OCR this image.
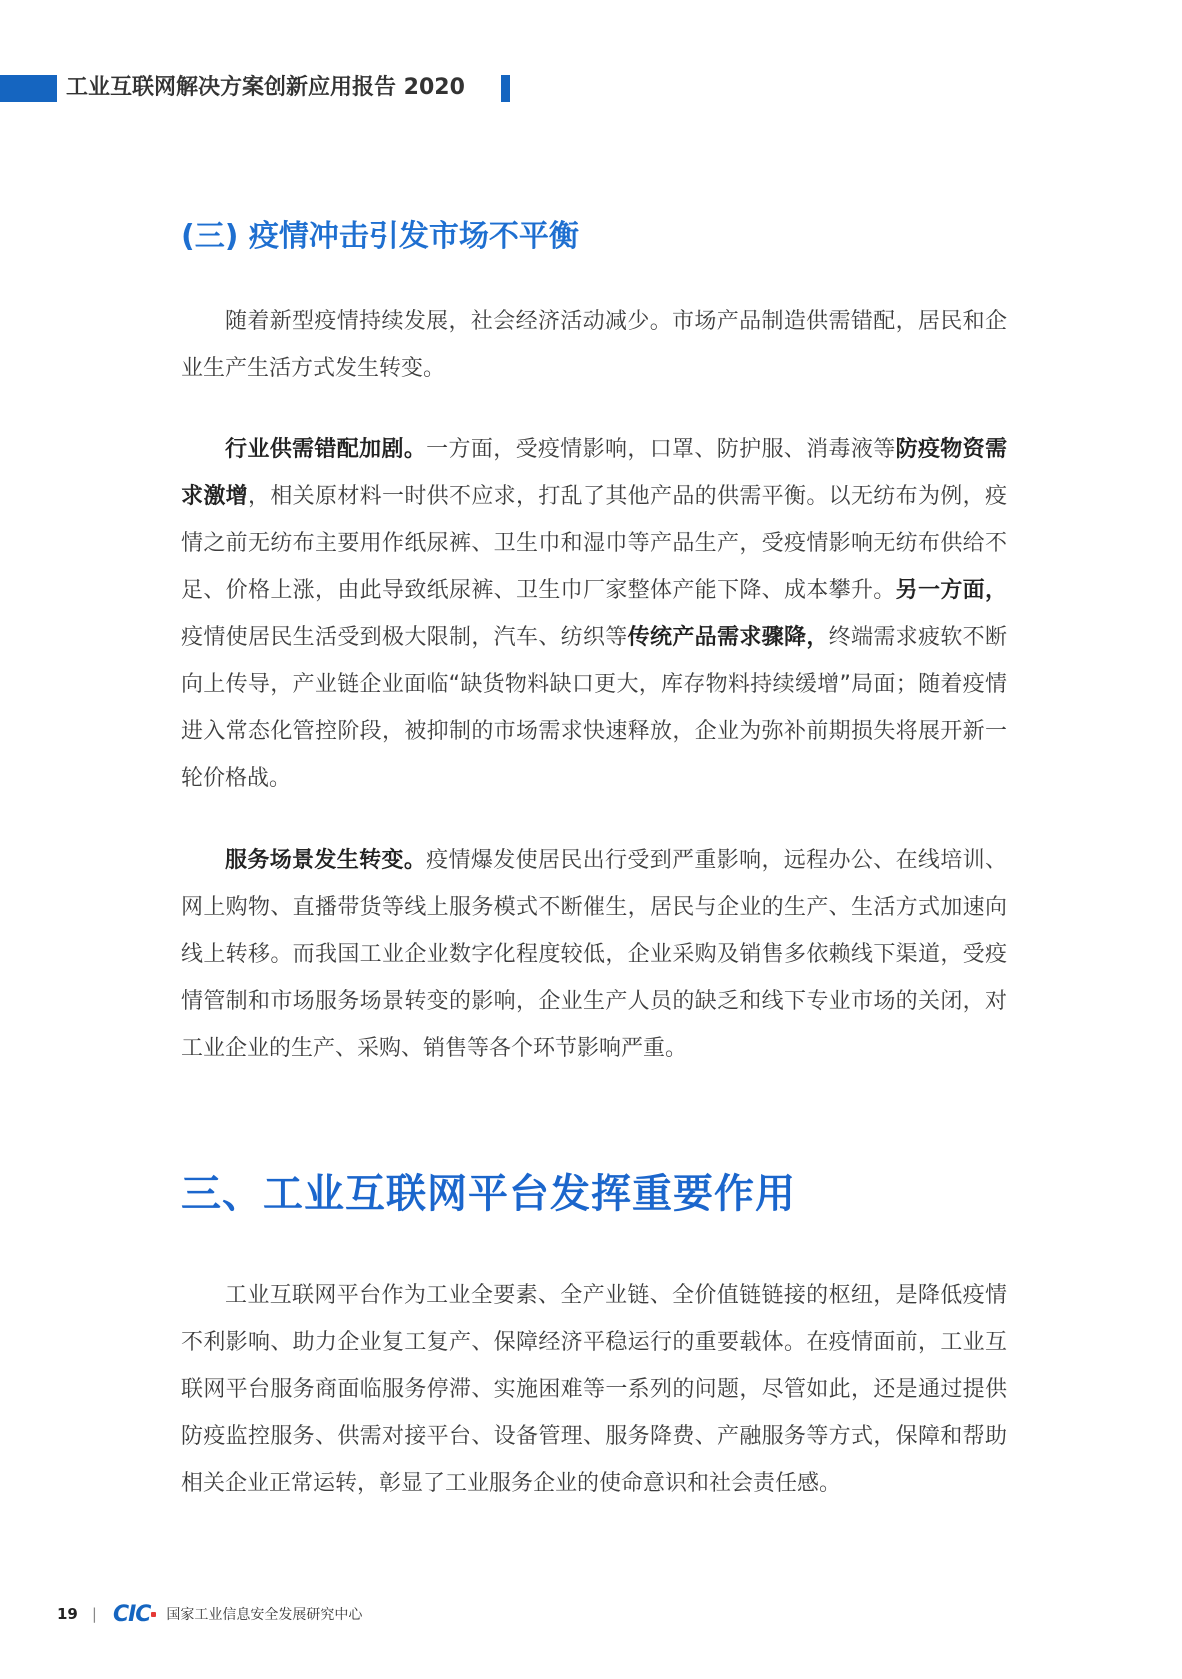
工业互联网解决方案创新应用报告 2020
(三) 疫情冲击引发市场不平衡

随着新型疫情持续发展，社会经济活动减少。市场产品制造供需错配，居民和企业生产生活方式发生转变。

行业供需错配加剧。一方面，受疫情影响，口罩、防护服、消毒液等防疫物资需求激增，相关原材料一时供不应求，打乱了其他产品的供需平衡。以无纺布为例，疫情之前无纺布主要用作纸尿裤、卫生巾和湿巾等产品生产，受疫情影响无纺布供给不足、价格上涨，由此导致纸尿裤、卫生巾厂家整体产能下降、成本攀升。另一方面，疫情使居民生活受到极大限制，汽车、纺织等传统产品需求骤降，终端需求疲软不断向上传导，产业链企业面临“缺货物料缺口更大，库存物料持续缓增”局面；随着疫情进入常态化管控阶段，被抑制的市场需求快速释放，企业为弥补前期损失将展开新一轮价格战。

服务场景发生转变。疫情爆发使居民出行受到严重影响，远程办公、在线培训、网上购物、直播带货等线上服务模式不断催生，居民与企业的生产、生活方式加速向线上转移。而我国工业企业数字化程度较低，企业采购及销售多依赖线下渠道，受疫情管制和市场服务场景转变的影响，企业生产人员的缺乏和线下专业市场的关闭，对工业企业的生产、采购、销售等各个环节影响严重。

三、工业互联网平台发挥重要作用

工业互联网平台作为工业全要素、全产业链、全价值链链接的枢纽，是降低疫情不利影响、助力企业复工复产、保障经济平稳运行的重要载体。在疫情面前，工业互联网平台服务商面临服务停滞、实施困难等一系列的问题，尽管如此，还是通过提供防疫监控服务、供需对接平台、设备管理、服务降费、产融服务等方式，保障和帮助相关企业正常运转，彰显了工业服务企业的使命意识和社会责任感。

19 | CIC 国家工业信息安全发展研究中心
